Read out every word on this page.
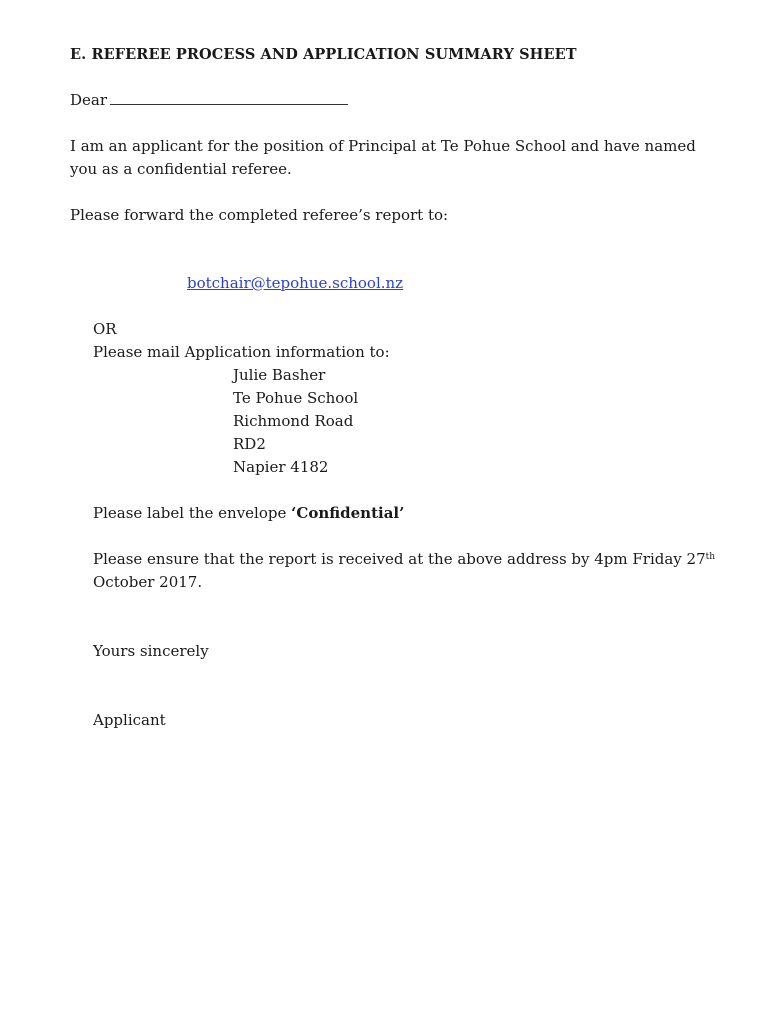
E. REFEREE PROCESS AND APPLICATION SUMMARY SHEET
Dear
I am an applicant for the position of Principal at Te Pohue School and have named you as a confidential referee.
Please forward the completed referee’s report to:
botchair@tepohue.school.nz
OR
Please mail Application information to:
Julie Basher
Te Pohue School
Richmond Road
RD2
Napier 4182
Please label the envelope ‘Confidential’
Please ensure that the report is received at the above address by 4pm Friday 27th October 2017.
Yours sincerely
Applicant
